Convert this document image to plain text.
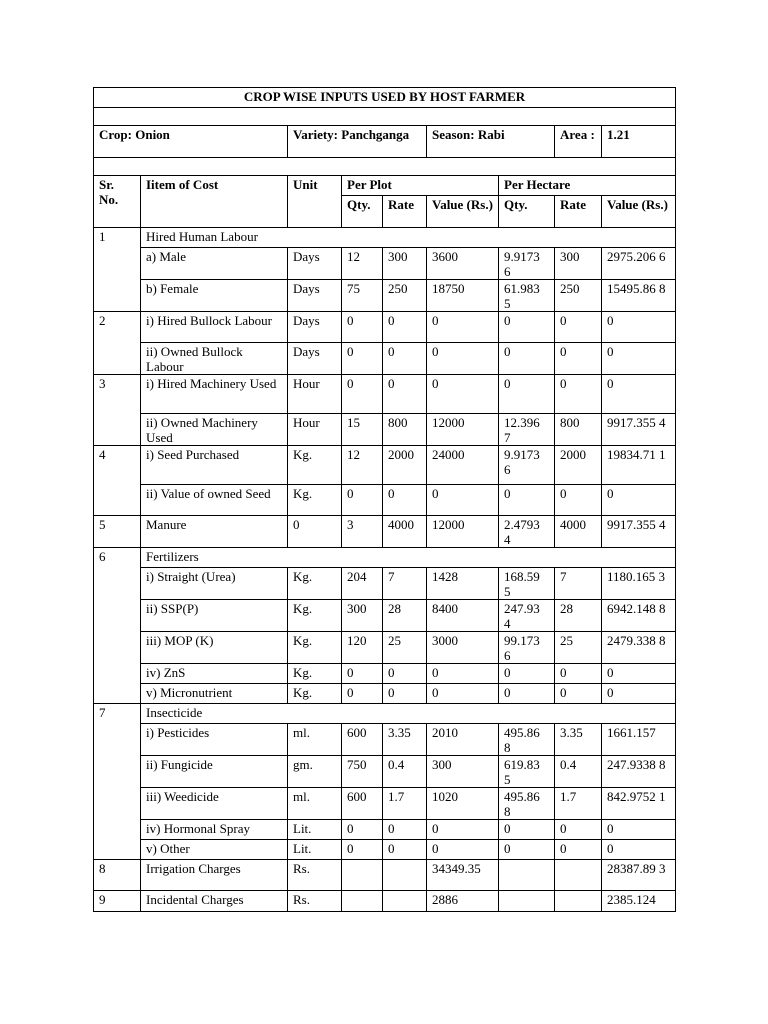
CROP WISE INPUTS USED BY HOST FARMER								

Crop: Onion		Variety: Panchganga			Season: Rabi		Area :	1.21

Sr. No.	Iitem of Cost	Unit	Per Plot			Per Hectare		
			Qty.	Rate	Value (Rs.)	Qty.	Rate	Value (Rs.)
1	Hired Human Labour							
	a) Male	Days	12	300	3600	9.9173 6	300	2975.206 6
	b) Female	Days	75	250	18750	61.983 5	250	15495.86 8
2	i) Hired Bullock Labour	Days	0	0	0	0	0	0
	ii) Owned Bullock Labour	Days	0	0	0	0	0	0
3	i) Hired Machinery Used	Hour	0	0	0	0	0	0
	ii) Owned Machinery Used	Hour	15	800	12000	12.396 7	800	9917.355 4
4	i) Seed Purchased	Kg.	12	2000	24000	9.9173 6	2000	19834.71 1
	ii) Value of owned Seed	Kg.	0	0	0	0	0	0
5	Manure	0	3	4000	12000	2.4793 4	4000	9917.355 4
6	Fertilizers							
	i) Straight (Urea)	Kg.	204	7	1428	168.59 5	7	1180.165 3
	ii) SSP(P)	Kg.	300	28	8400	247.93 4	28	6942.148 8
	iii) MOP (K)	Kg.	120	25	3000	99.173 6	25	2479.338 8
	iv) ZnS	Kg.	0	0	0	0	0	0
	v) Micronutrient	Kg.	0	0	0	0	0	0
7	Insecticide							
	i) Pesticides	ml.	600	3.35	2010	495.86 8	3.35	1661.157
	ii) Fungicide	gm.	750	0.4	300	619.83 5	0.4	247.9338 8
	iii) Weedicide	ml.	600	1.7	1020	495.86 8	1.7	842.9752 1
	iv) Hormonal Spray	Lit.	0	0	0	0	0	0
	v) Other	Lit.	0	0	0	0	0	0
8	Irrigation Charges	Rs.			34349.35			28387.89 3
9	Incidental Charges	Rs.			2886			2385.124
